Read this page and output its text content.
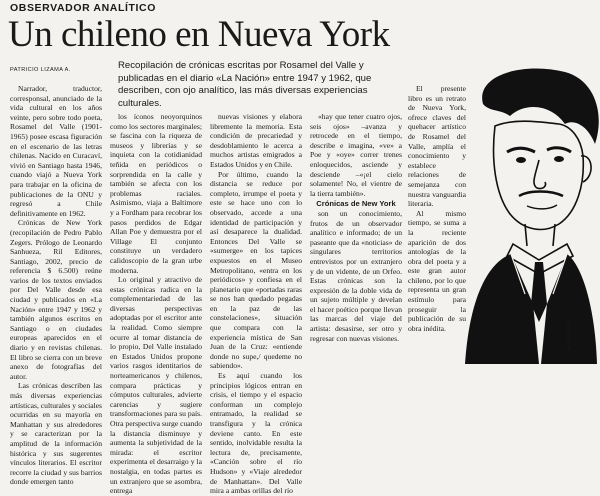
OBSERVADOR ANALÍTICO
Un chileno en Nueva York
PATRICIO LIZAMA A.	Recopilación de crónicas escritas por Rosamel del Valle y publicadas en el diario «La Nación» entre 1947 y 1962, que describen, con ojo analítico, las más diversas experiencias culturales.

Narrador, traductor, corresponsal, anunciado de la vida cultural en los años veinte, pero sobre todo poeta, Rosamel del Valle (1901-1965) posee escasa figuración en el escenario de las letras chilenas. Nacido en Curacaví, vivió en Santiago hasta 1946, cuando viajó a Nueva York para trabajar en la oficina de publicaciones de la ONU y regresó a Chile definitivamente en 1962.

Crónicas de New York (recopilación de Pedro Pablo Zegers. Prólogo de Leonardo Sanhueza, Ril Editores, Santiago, 2002, precio de referencia $ 6.500) reúne varios de los textos enviados por Del Valle desde esa ciudad y publicados en «La Nación» entre 1947 y 1962 y también algunos escritos en Santiago o en ciudades europeas aparecidos en el diario y en revistas chilenas. El libro se cierra con un breve anexo de fotografías del autor.

Las crónicas describen las más diversas experiencias artísticas, culturales y sociales ocurridas en su mayoría en Manhattan y sus alrededores y se caracterizan por la amplitud de la información histórica y sus sugerentes vínculos literarios. El escritor recorre la ciudad y sus barrios donde emergen tanto

los íconos neoyorquinos como los sectores marginales; se fascina con la riqueza de museos y librerías y se inquieta con la cotidianidad teñida en periódicos o sorprendida en la calle y también se afecta con los problemas raciales. Asimismo, viaja a Baltimore y a Fordham para recobrar los pasos perdidos de Edgar Allan Poe y demuestra por el Village El conjunto constituye un verdadero calidoscopio de la gran urbe moderna.

Lo original y atractivo de estas crónicas radica en la complementariedad de las diversas perspectivas adoptadas por el escritor ante la realidad. Como siempre ocurre al tomar distancia de lo propio, Del Valle instalado en Estados Unidos propone varios rasgos identitarios de norteamericanos y chilenos, compara prácticas y cómputos culturales, advierte carencias y sugiere transformaciones para su país. Otra perspectiva surge cuando la distancia disminuye y aumenta la subjetividad de la mirada: el escritor experimenta el desarraigo y la nostalgia, en todas partes es un extranjero que se asombra, entrega

nuevas visiones y elabora libremente la memoria. Esta condición de precariedad y desdoblamiento le acerca a muchos artistas emigrados a Estados Unidos y en Chile.

Por último, cuando la distancia se reduce por completo, irrumpe el poeta y este se hace uno con lo observado, accede a una identidad de participación y así desaparece la dualidad. Entonces Del Valle se «sumerge» en los tapices expuestos en el Museo Metropolitano, «entra en los periódicos» y confiesa en el planetario que «portadas raras se nos han quedado pegadas en la paz de las constelaciones», situación que compara con la experiencia mística de San Juan de la Cruz: «entiende donde no supe,/ quedeme no sabiendo».

Es aquí cuando los principios lógicos entran en crisis, el tiempo y el espacio conforman un complejo entramado, la realidad se transfigura y la crónica deviene canto. En este sentido, inolvidable resulta la lectura de, precisamente, «Canción sobre el río Hudson» y «Viaje alrededor de Manhattan». Del Valle mira a ambas orillas del río

«hay que tener cuatro ojos, seis ojos» –avanza y retrocede en el tiempo, describe e imagina, «ve» a Poe y «oye» correr trenes enloquecidos, asciende y desciende –«¡el cielo solamente! No, el vientre de la tierra también».

Crónicas de New York

son un conocimiento, frutos de un observador analítico e informado; de un paseante que da «noticias» de singulares territorios entrevistos por un extranjero y de un vidente, de un Orfeo. Estas crónicas son la expresión de la doble vida de un sujeto múltiple y develan el hacer poético porque llevan las marcas del viaje del artista: desasirse, ser otro y regresar con nuevas visiones.

El presente libro es un retrato de Nueva York, ofrece claves del quehacer artístico de Rosamel del Valle, amplía el conocimiento y establece relaciones de semejanza con nuestra vanguardia literaria.

Al mismo tiempo, se suma a la reciente aparición de dos antologías de la obra del poeta y a este gran autor chileno, por lo que representa un gran estímulo para proseguir la publicación de su obra inédita.	EL MERCURIO
